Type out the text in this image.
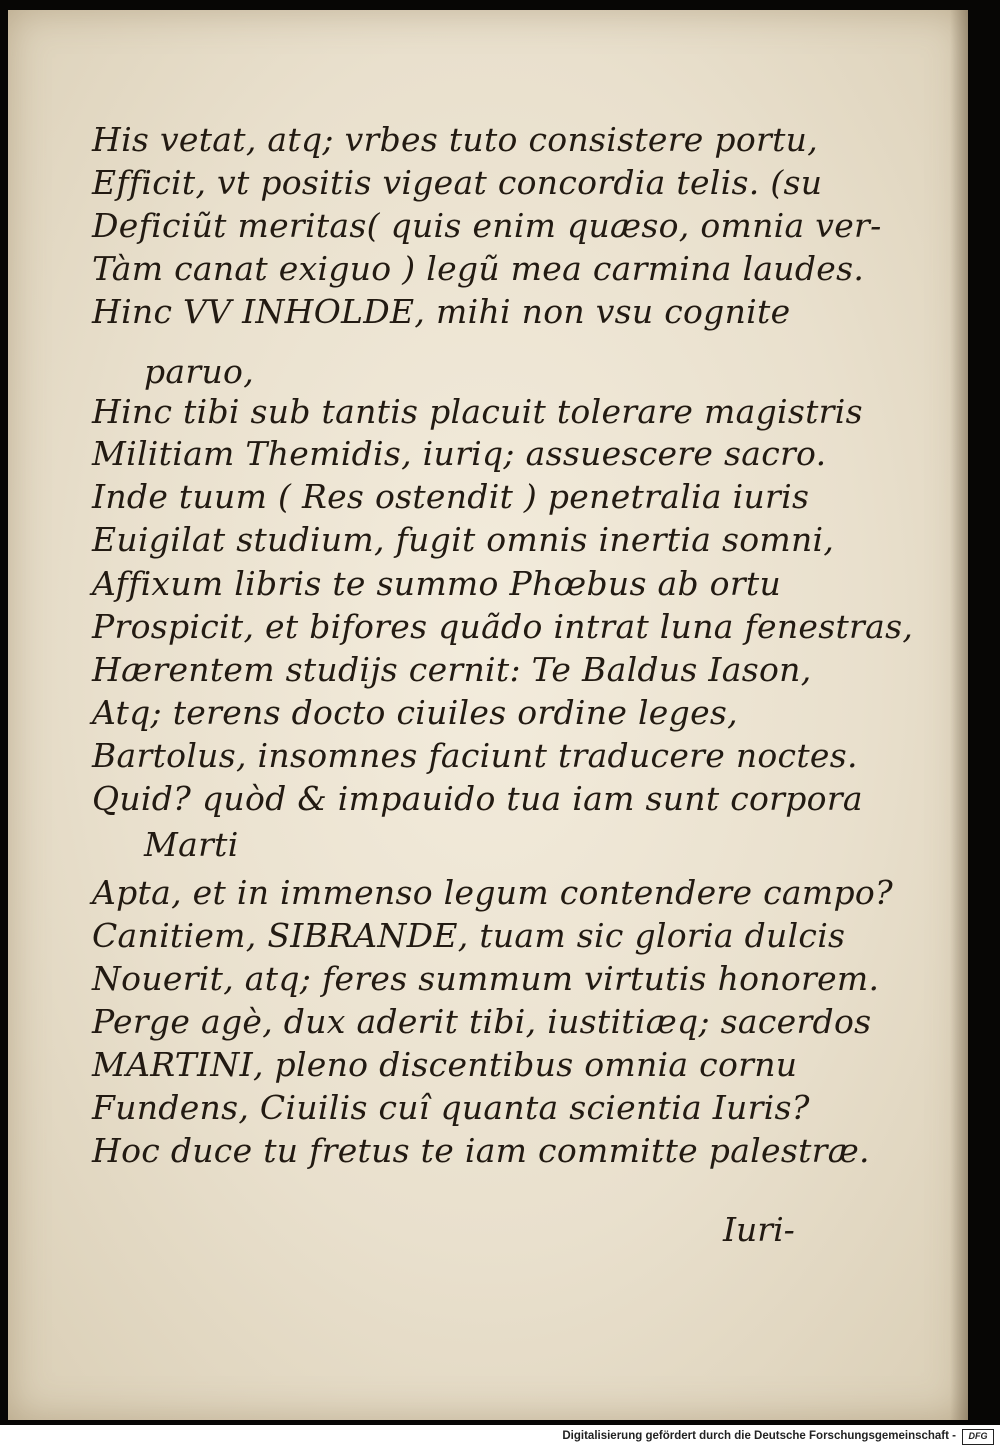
His vetat, atq; vrbes tuto consistere portu,
Efficit, vt positis vigeat concordia telis. (su
Deficiũt meritas( quis enim quæso, omnia ver-
Tàm canat exiguo ) legũ mea carmina laudes.
Hinc VV INHOLDE, mihi non vsu cognite
paruo,
Hinc tibi sub tantis placuit tolerare magistris
Militiam Themidis, iuriq; assuescere sacro.
Inde tuum ( Res ostendit ) penetralia iuris
Euigilat studium, fugit omnis inertia somni,
Affixum libris te summo Phœbus ab ortu
Prospicit, et bifores quãdo intrat luna fenestras,
Hærentem studijs cernit: Te Baldus Iason,
Atq; terens docto ciuiles ordine leges,
Bartolus, insomnes faciunt traducere noctes.
Quid? quòd & impauido tua iam sunt corpora
Marti
Apta, et in immenso legum contendere campo?
Canitiem, SIBRANDE, tuam sic gloria dulcis
Nouerit, atq; feres summum virtutis honorem.
Perge agè, dux aderit tibi, iustitiæq; sacerdos
MARTINI, pleno discentibus omnia cornu
Fundens, Ciuilis cuî quanta scientia Iuris?
Hoc duce tu fretus te iam committe palestræ.
Iuri-
Digitalisierung gefördert durch die Deutsche Forschungsgemeinschaft -	DFG
